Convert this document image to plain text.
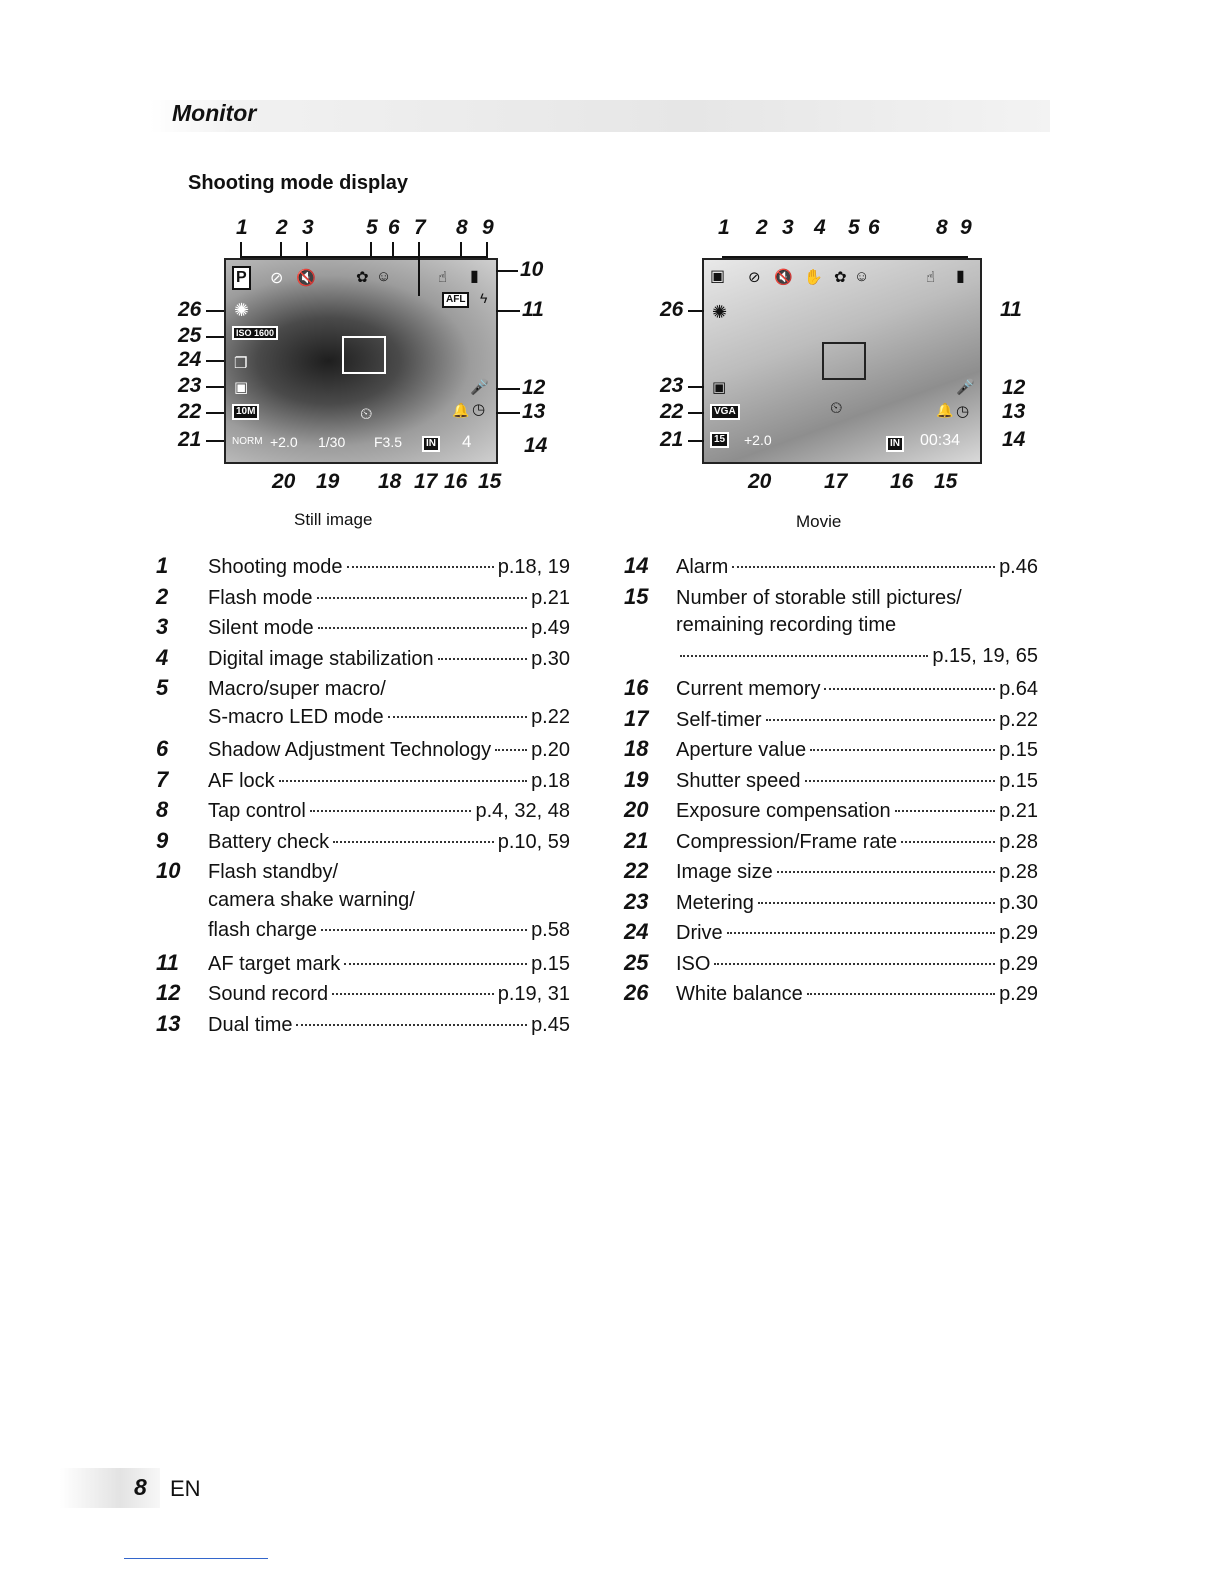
Monitor
Shooting mode display
P ⊘ 🔇	✿ ☺	☝ ▮
AFL ϟ
✺
ISO 1600
❐
▣
10M
NORM +2.0 1/30 F3.5	IN 4
⏲
🎤
◷
🔔
1 2 3 5 6 7 8 9
10
11
12
13
14
26
25
24
23
22
21
20 19 18 17 16 15
Still image
▣ ⊘ 🔇 ✋ ✿ ☺	☝ ▮
✺
▣
VGA
15 +2.0	IN 00:34
⏲
🎤
◷
🔔
1 2 3 4 5 6	8 9
11
12
13
14
26
23
22
21
20	17 16 15
Movie
1	Shooting mode	p.18, 19
2	Flash mode	p.21
3	Silent mode	p.49
4	Digital image stabilization	p.30
5	Macro/super macro/
S-macro LED mode	p.22
6	Shadow Adjustment Technology p.20
7	AF lock	p.18
8	Tap control	p.4, 32, 48
9	Battery check	p.10, 59
10	Flash standby/
camera shake warning/
flash charge	p.58
11	AF target mark	p.15
12	Sound record	p.19, 31
13	Dual time	p.45
14	Alarm	p.46
15	Number of storable still pictures/
remaining recording time
p.15, 19, 65
16	Current memory	p.64
17	Self-timer	p.22
18	Aperture value	p.15
19	Shutter speed	p.15
20	Exposure compensation	p.21
21	Compression/Frame rate	p.28
22	Image size	p.28
23	Metering	p.30
24	Drive	p.29
25	ISO	p.29
26	White balance	p.29
8 EN
